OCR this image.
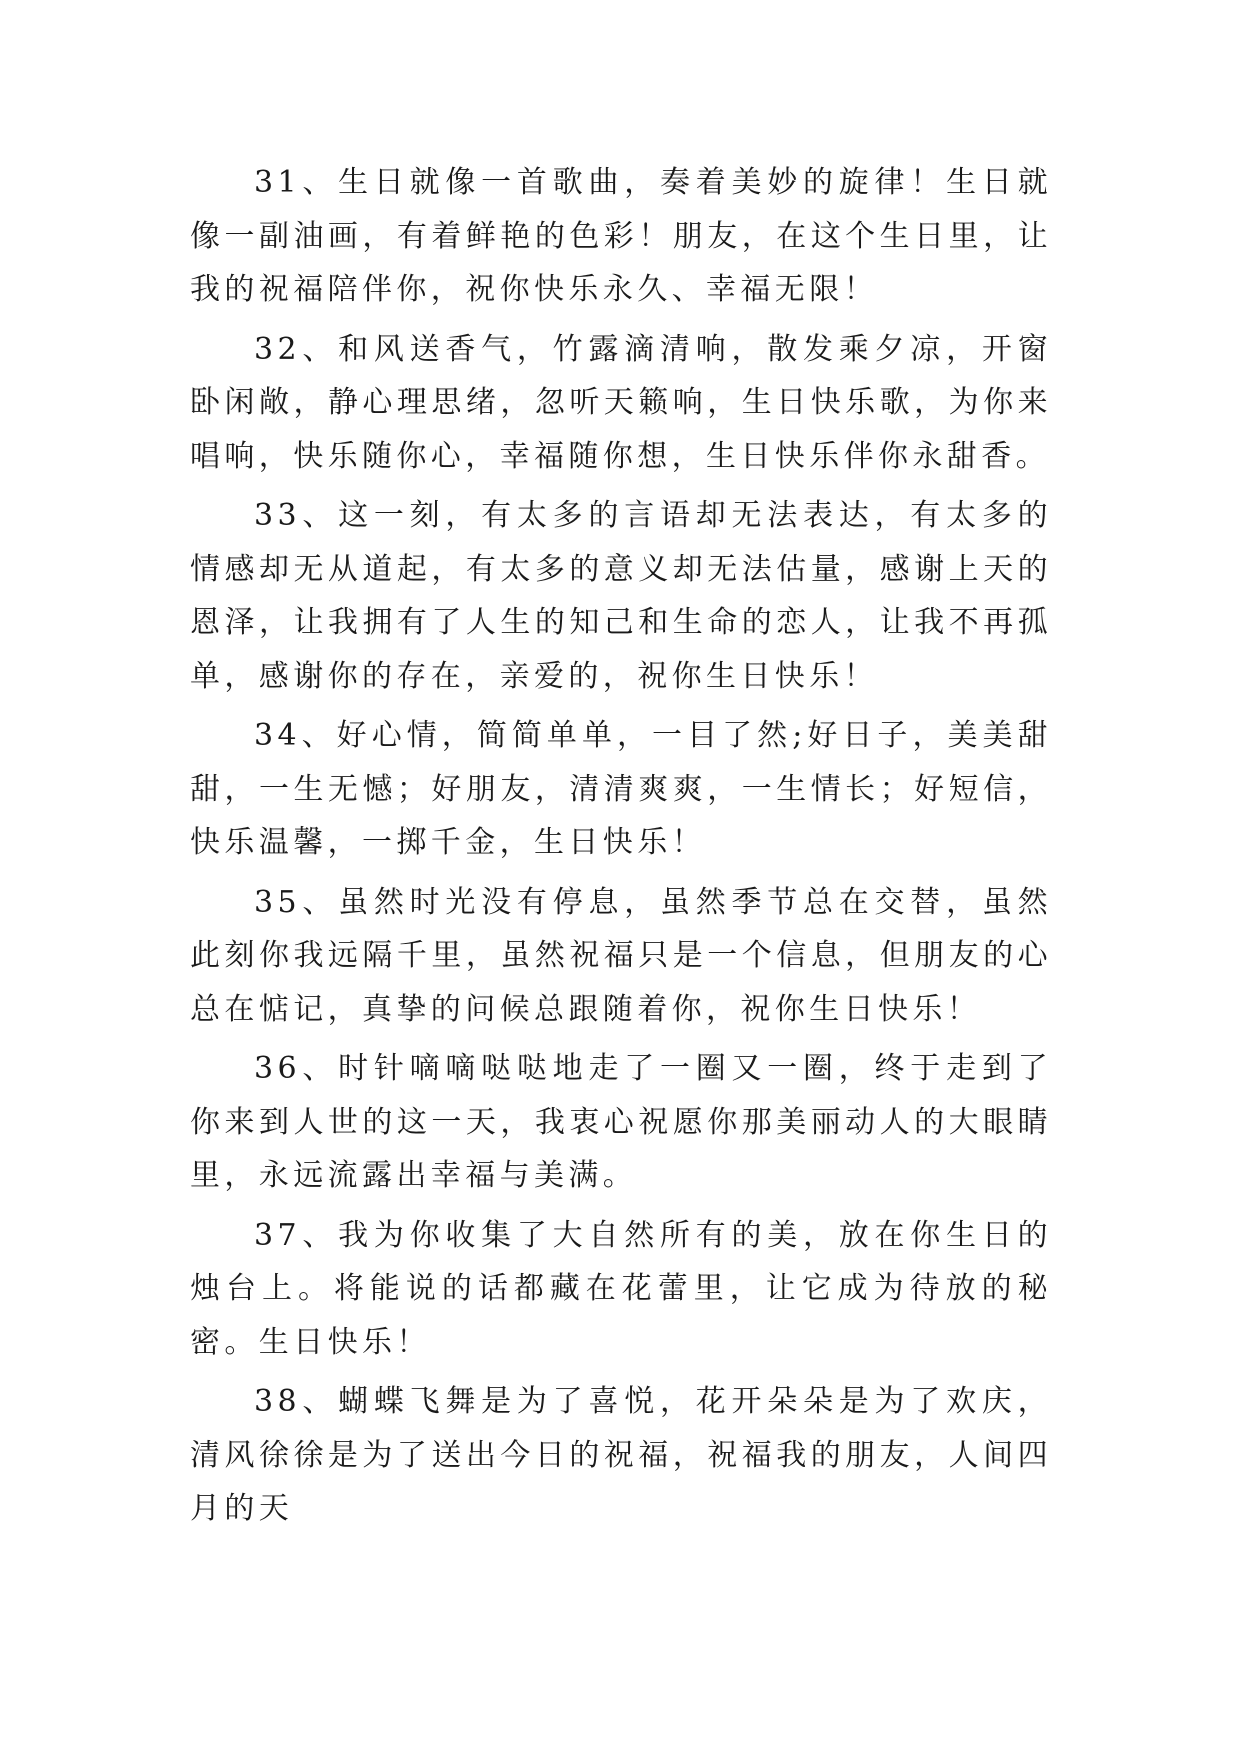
31、生日就像一首歌曲，奏着美妙的旋律！生日就像一副油画，有着鲜艳的色彩！朋友，在这个生日里，让我的祝福陪伴你，祝你快乐永久、幸福无限！

32、和风送香气，竹露滴清响，散发乘夕凉，开窗卧闲敞，静心理思绪，忽听天籁响，生日快乐歌，为你来唱响，快乐随你心，幸福随你想，生日快乐伴你永甜香。

33、这一刻，有太多的言语却无法表达，有太多的情感却无从道起，有太多的意义却无法估量，感谢上天的恩泽，让我拥有了人生的知己和生命的恋人，让我不再孤单，感谢你的存在，亲爱的，祝你生日快乐！

34、好心情，简简单单，一目了然;好日子，美美甜甜，一生无憾；好朋友，清清爽爽，一生情长；好短信，快乐温馨，一掷千金，生日快乐！

35、虽然时光没有停息，虽然季节总在交替，虽然此刻你我远隔千里，虽然祝福只是一个信息，但朋友的心总在惦记，真挚的问候总跟随着你，祝你生日快乐！

36、时针嘀嘀哒哒地走了一圈又一圈，终于走到了你来到人世的这一天，我衷心祝愿你那美丽动人的大眼睛里，永远流露出幸福与美满。

37、我为你收集了大自然所有的美，放在你生日的烛台上。将能说的话都藏在花蕾里，让它成为待放的秘密。生日快乐！

38、蝴蝶飞舞是为了喜悦，花开朵朵是为了欢庆，清风徐徐是为了送出今日的祝福，祝福我的朋友，人间四月的天
